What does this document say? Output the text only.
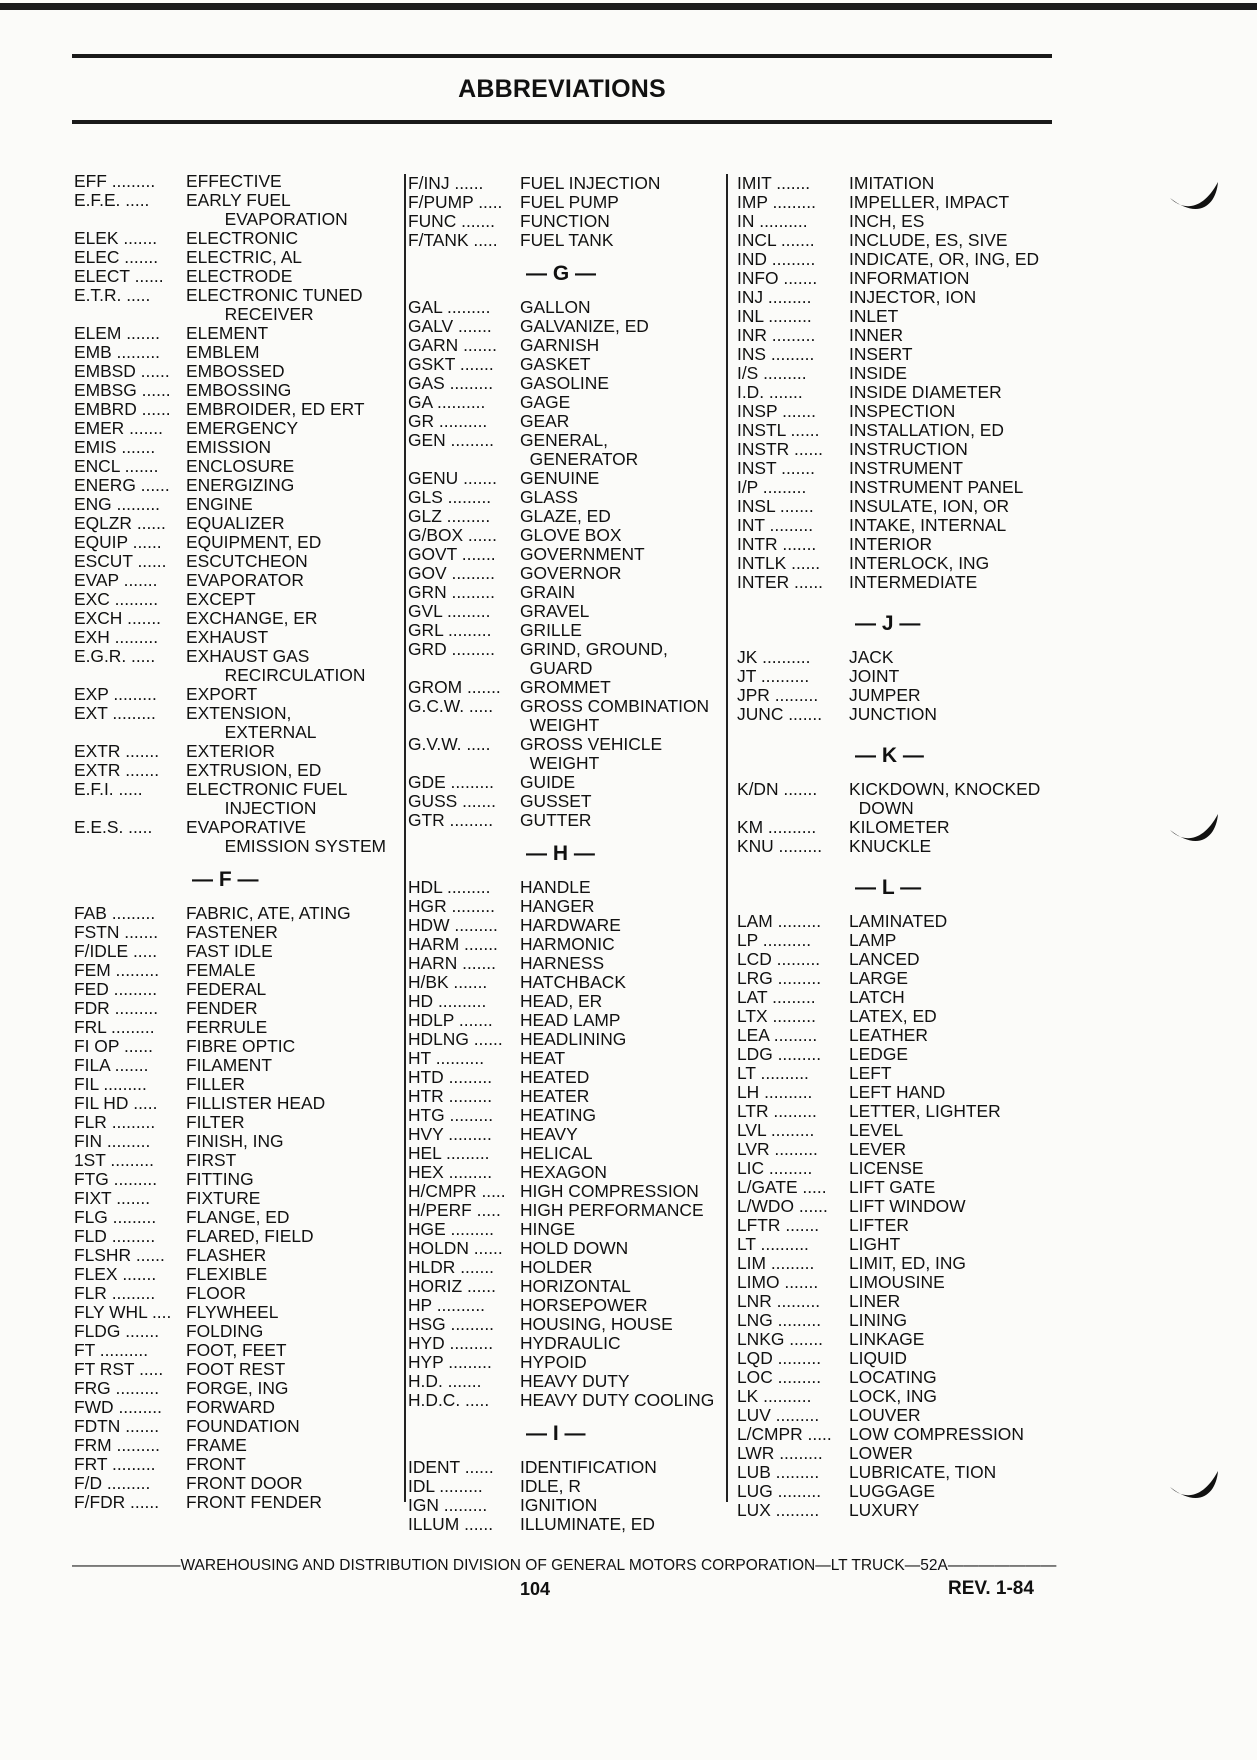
ABBREVIATIONS
EFF .........	EFFECTIVE
E.F.E. .....	EARLY FUEL
EVAPORATION
ELEK .......	ELECTRONIC
ELEC .......	ELECTRIC, AL
ELECT ......	ELECTRODE
E.T.R. .....	ELECTRONIC TUNED
RECEIVER
ELEM .......	ELEMENT
EMB .........	EMBLEM
EMBSD ...... EMBOSSED
EMBSG ...... EMBOSSING
EMBRD ...... EMBROIDER, ED ERT
EMER .......	EMERGENCY
EMIS .......	EMISSION
ENCL .......	ENCLOSURE
ENERG ...... ENERGIZING
ENG .........	ENGINE
EQLZR ......	EQUALIZER
EQUIP ......	EQUIPMENT, ED
ESCUT ......	ESCUTCHEON
EVAP .......	EVAPORATOR
EXC .........	EXCEPT
EXCH .......	EXCHANGE, ER
EXH .........	EXHAUST
E.G.R. .....	EXHAUST GAS
RECIRCULATION
EXP .........	EXPORT
EXT .........	EXTENSION,
EXTERNAL
EXTR .......	EXTERIOR
EXTR .......	EXTRUSION, ED
E.F.I. .....	ELECTRONIC FUEL
INJECTION
E.E.S. .....	EVAPORATIVE
EMISSION SYSTEM
— F —
FAB .........	FABRIC, ATE, ATING
FSTN .......	FASTENER
F/IDLE .....	FAST IDLE
FEM .........	FEMALE
FED .........	FEDERAL
FDR .........	FENDER
FRL .........	FERRULE
FI OP ......	FIBRE OPTIC
FILA .......	FILAMENT
FIL .........	FILLER
FIL HD .....	FILLISTER HEAD
FLR .........	FILTER
FIN .........	FINISH, ING
1ST .........	FIRST
FTG .........	FITTING
FIXT .......	FIXTURE
FLG .........	FLANGE, ED
FLD .........	FLARED, FIELD
FLSHR ......	FLASHER
FLEX .......	FLEXIBLE
FLR .........	FLOOR
FLY WHL .... FLYWHEEL
FLDG .......	FOLDING
FT ..........	FOOT, FEET
FT RST .....	FOOT REST
FRG .........	FORGE, ING
FWD .........	FORWARD
FDTN .......	FOUNDATION
FRM .........	FRAME
FRT .........	FRONT
F/D .........	FRONT DOOR
F/FDR ......	FRONT FENDER
F/INJ ......	FUEL INJECTION
F/PUMP .....	FUEL PUMP
FUNC .......	FUNCTION
F/TANK .....	FUEL TANK
— G —
GAL .........	GALLON
GALV .......	GALVANIZE, ED
GARN .......	GARNISH
GSKT .......	GASKET
GAS .........	GASOLINE
GA ..........	GAGE
GR ..........	GEAR
GEN .........	GENERAL,
GENERATOR
GENU .......	GENUINE
GLS .........	GLASS
GLZ .........	GLAZE, ED
G/BOX ......	GLOVE BOX
GOVT .......	GOVERNMENT
GOV .........	GOVERNOR
GRN .........	GRAIN
GVL .........	GRAVEL
GRL .........	GRILLE
GRD .........	GRIND, GROUND,
GUARD
GROM .......	GROMMET
G.C.W. .....	GROSS COMBINATION
WEIGHT
G.V.W. .....	GROSS VEHICLE
WEIGHT
GDE .........	GUIDE
GUSS .......	GUSSET
GTR .........	GUTTER
— H —
HDL .........	HANDLE
HGR .........	HANGER
HDW .........	HARDWARE
HARM .......	HARMONIC
HARN .......	HARNESS
H/BK .......	HATCHBACK
HD ..........	HEAD, ER
HDLP .......	HEAD LAMP
HDLNG ...... HEADLINING
HT ..........	HEAT
HTD .........	HEATED
HTR .........	HEATER
HTG .........	HEATING
HVY .........	HEAVY
HEL .........	HELICAL
HEX .........	HEXAGON
H/CMPR ..... HIGH COMPRESSION
H/PERF .....	HIGH PERFORMANCE
HGE .........	HINGE
HOLDN ...... HOLD DOWN
HLDR .......	HOLDER
HORIZ ......	HORIZONTAL
HP ..........	HORSEPOWER
HSG .........	HOUSING, HOUSE
HYD .........	HYDRAULIC
HYP .........	HYPOID
H.D. .......	HEAVY DUTY
H.D.C. .....	HEAVY DUTY COOLING
— I —
IDENT ......	IDENTIFICATION
IDL .........	IDLE, R
IGN .........	IGNITION
ILLUM ......	ILLUMINATE, ED
IMIT .......	IMITATION
IMP .........	IMPELLER, IMPACT
IN ..........	INCH, ES
INCL .......	INCLUDE, ES, SIVE
IND .........	INDICATE, OR, ING, ED
INFO .......	INFORMATION
INJ .........	INJECTOR, ION
INL .........	INLET
INR .........	INNER
INS .........	INSERT
I/S .........	INSIDE
I.D. .......	INSIDE DIAMETER
INSP .......	INSPECTION
INSTL ......	INSTALLATION, ED
INSTR ......	INSTRUCTION
INST .......	INSTRUMENT
I/P .........	INSTRUMENT PANEL
INSL .......	INSULATE, ION, OR
INT .........	INTAKE, INTERNAL
INTR .......	INTERIOR
INTLK ......	INTERLOCK, ING
INTER ......	INTERMEDIATE
— J —
JK ..........	JACK
JT ..........	JOINT
JPR .........	JUMPER
JUNC .......	JUNCTION
— K —
K/DN .......	KICKDOWN, KNOCKED
DOWN
KM ..........	KILOMETER
KNU .........	KNUCKLE
— L —
LAM .........	LAMINATED
LP ..........	LAMP
LCD .........	LANCED
LRG .........	LARGE
LAT .........	LATCH
LTX .........	LATEX, ED
LEA .........	LEATHER
LDG .........	LEDGE
LT ..........	LEFT
LH ..........	LEFT HAND
LTR .........	LETTER, LIGHTER
LVL .........	LEVEL
LVR .........	LEVER
LIC .........	LICENSE
L/GATE .....	LIFT GATE
L/WDO ......	LIFT WINDOW
LFTR .......	LIFTER
LT ..........	LIGHT
LIM .........	LIMIT, ED, ING
LIMO .......	LIMOUSINE
LNR .........	LINER
LNG .........	LINING
LNKG .......	LINKAGE
LQD .........	LIQUID
LOC .........	LOCATING
LK ..........	LOCK, ING
LUV .........	LOUVER
L/CMPR ..... LOW COMPRESSION
LWR .........	LOWER
LUB .........	LUBRICATE, TION
LUG .........	LUGGAGE
LUX .........	LUXURY
———————WAREHOUSING AND DISTRIBUTION DIVISION OF GENERAL MOTORS CORPORATION—LT TRUCK—52A———————
104	REV. 1-84
